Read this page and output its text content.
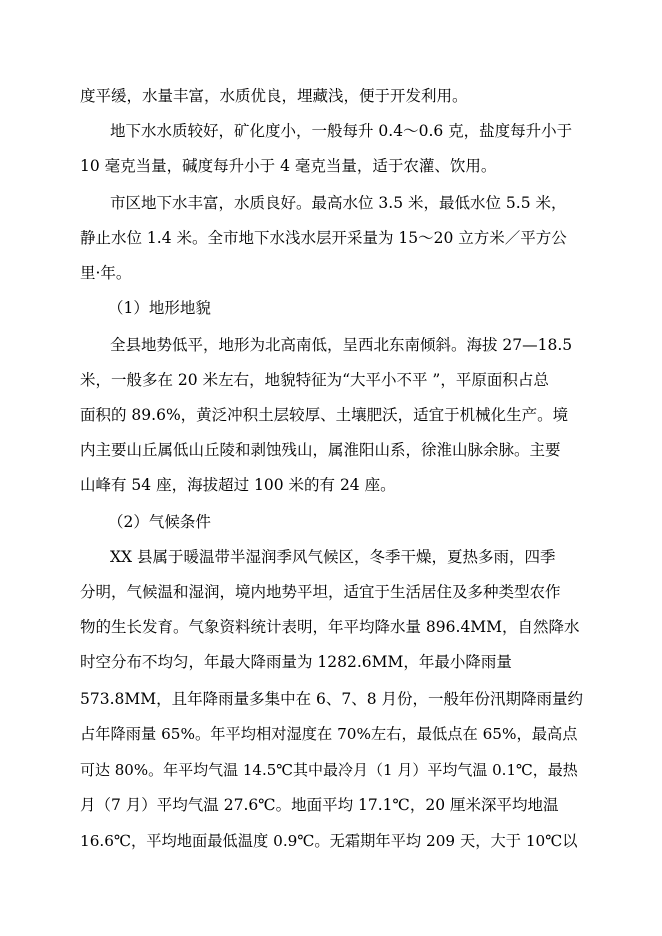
度平缓，水量丰富，水质优良，埋藏浅，便于开发利用。

地下水水质较好，矿化度小，一般每升 0.4～0.6 克，盐度每升小于

10 毫克当量，碱度每升小于 4 毫克当量，适于农灌、饮用。

市区地下水丰富，水质良好。最高水位 3.5 米，最低水位 5.5 米，

静止水位 1.4 米。全市地下水浅水层开采量为 15～20 立方米／平方公

里·年。

（1）地形地貌

全县地势低平，地形为北高南低，呈西北东南倾斜。海拔 27—18.5

米，一般多在 20 米左右，地貌特征为“大平小不平 ”，平原面积占总

面积的 89.6%，黄泛冲积土层较厚、土壤肥沃，适宜于机械化生产。境

内主要山丘属低山丘陵和剥蚀残山，属淮阳山系，徐淮山脉余脉。主要

山峰有 54 座，海拔超过 100 米的有 24 座。

（2）气候条件

XX 县属于暖温带半湿润季风气候区，冬季干燥，夏热多雨，四季

分明，气候温和湿润，境内地势平坦，适宜于生活居住及多种类型农作

物的生长发育。气象资料统计表明，年平均降水量 896.4MM，自然降水

时空分布不均匀，年最大降雨量为 1282.6MM，年最小降雨量

573.8MM，且年降雨量多集中在 6、7、8 月份，一般年份汛期降雨量约

占年降雨量 65%。年平均相对湿度在 70%左右，最低点在 65%，最高点

可达 80%。年平均气温 14.5℃其中最冷月（1 月）平均气温 0.1℃，最热

月（7 月）平均气温 27.6℃。地面平均 17.1℃，20 厘米深平均地温

16.6℃，平均地面最低温度 0.9℃。无霜期年平均 209 天，大于 10℃以
